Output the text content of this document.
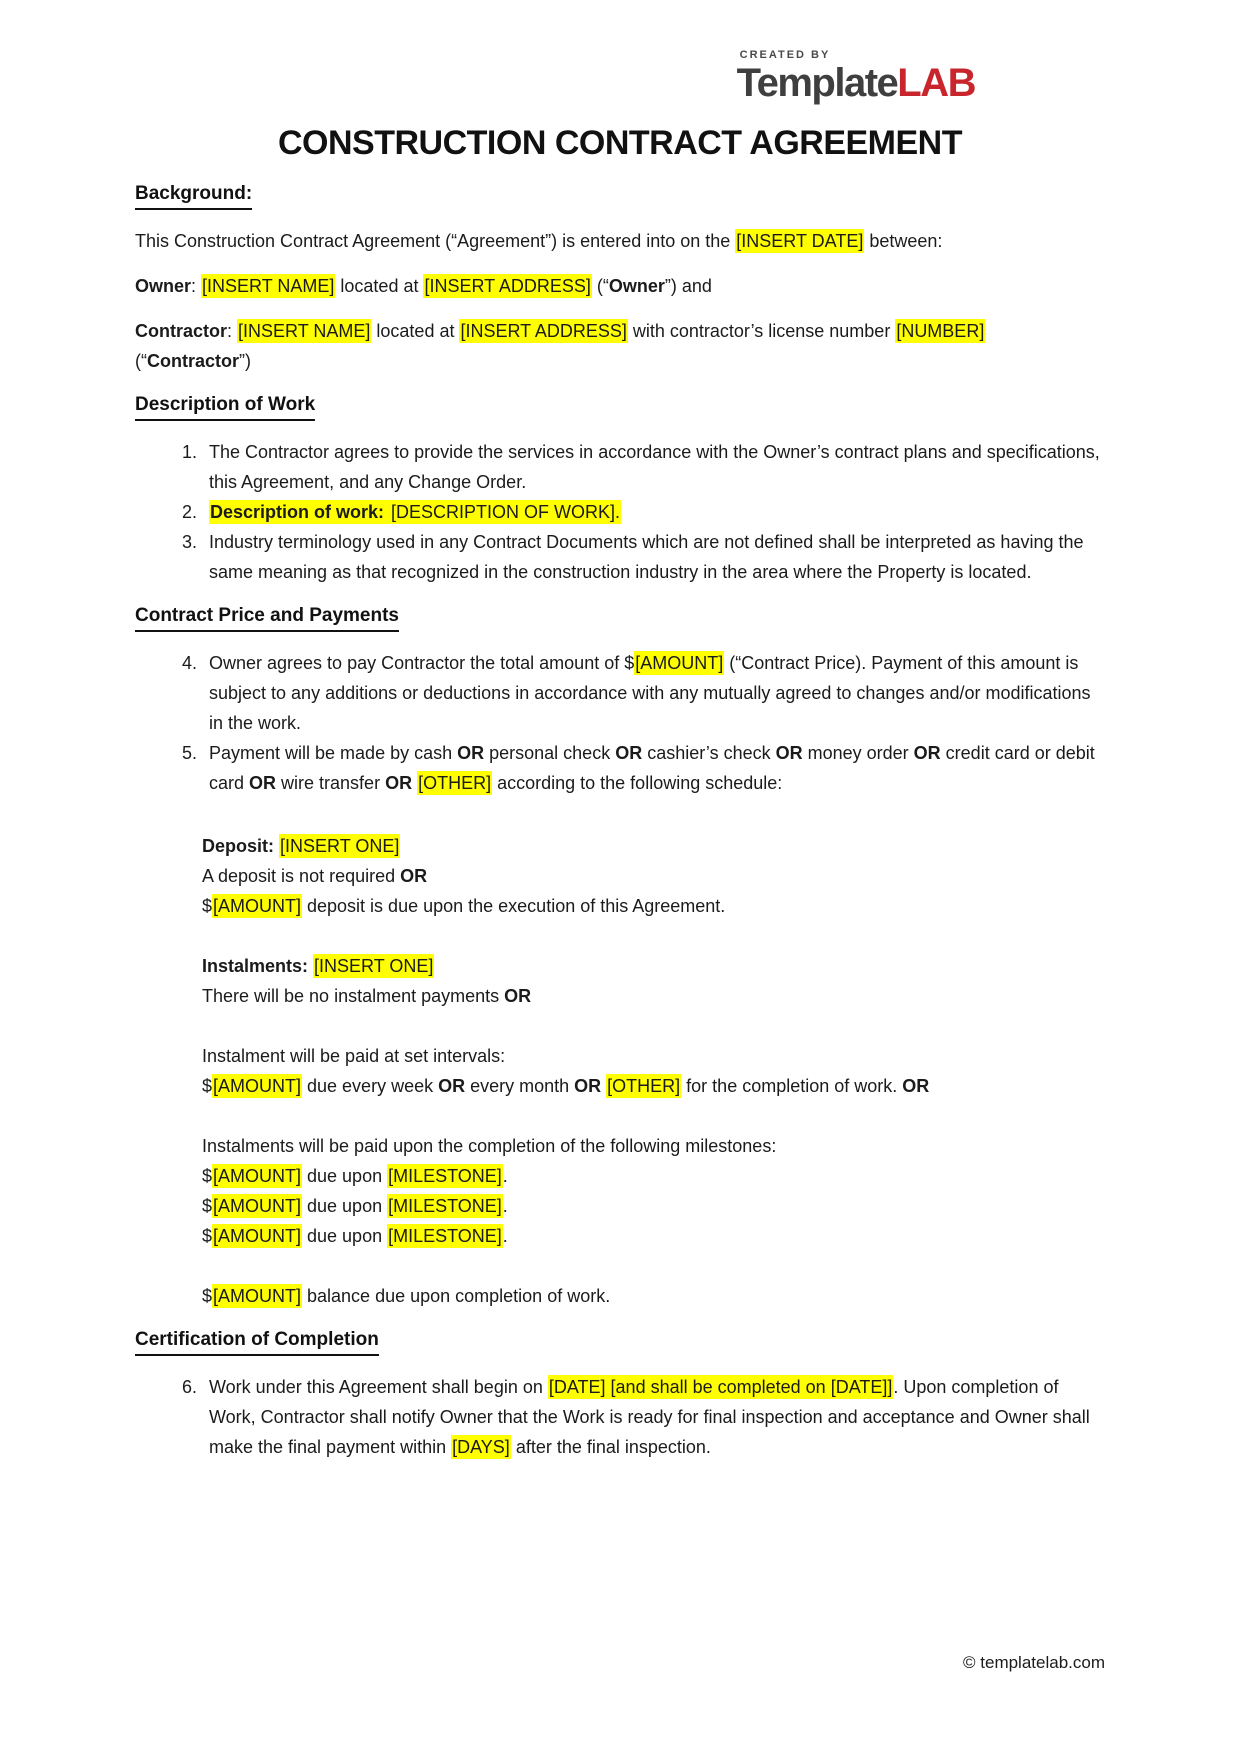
CREATED BY
TemplateLAB
CONSTRUCTION CONTRACT AGREEMENT
Background:

This Construction Contract Agreement (“Agreement”) is entered into on the [INSERT DATE] between:

Owner: [INSERT NAME] located at [INSERT ADDRESS] (“Owner”) and

Contractor: [INSERT NAME] located at [INSERT ADDRESS] with contractor’s license number [NUMBER] (“Contractor”)

Description of Work
1. The Contractor agrees to provide the services in accordance with the Owner’s contract plans and specifications, this Agreement, and any Change Order.
2. Description of work: [DESCRIPTION OF WORK].
3. Industry terminology used in any Contract Documents which are not defined shall be interpreted as having the same meaning as that recognized in the construction industry in the area where the Property is located.
Contract Price and Payments
4. Owner agrees to pay Contractor the total amount of $[AMOUNT] (“Contract Price). Payment of this amount is subject to any additions or deductions in accordance with any mutually agreed to changes and/or modifications in the work.
5. Payment will be made by cash OR personal check OR cashier’s check OR money order OR credit card or debit card OR wire transfer OR [OTHER] according to the following schedule:
Deposit: [INSERT ONE]
A deposit is not required OR
$[AMOUNT] deposit is due upon the execution of this Agreement.
Instalments: [INSERT ONE]
There will be no instalment payments OR
Instalment will be paid at set intervals:
$[AMOUNT] due every week OR every month OR [OTHER] for the completion of work. OR
Instalments will be paid upon the completion of the following milestones:
$[AMOUNT] due upon [MILESTONE].
$[AMOUNT] due upon [MILESTONE].
$[AMOUNT] due upon [MILESTONE].
$[AMOUNT] balance due upon completion of work.
Certification of Completion
6. Work under this Agreement shall begin on [DATE] [and shall be completed on [DATE]]. Upon completion of Work, Contractor shall notify Owner that the Work is ready for final inspection and acceptance and Owner shall make the final payment within [DAYS] after the final inspection.
© templatelab.com
